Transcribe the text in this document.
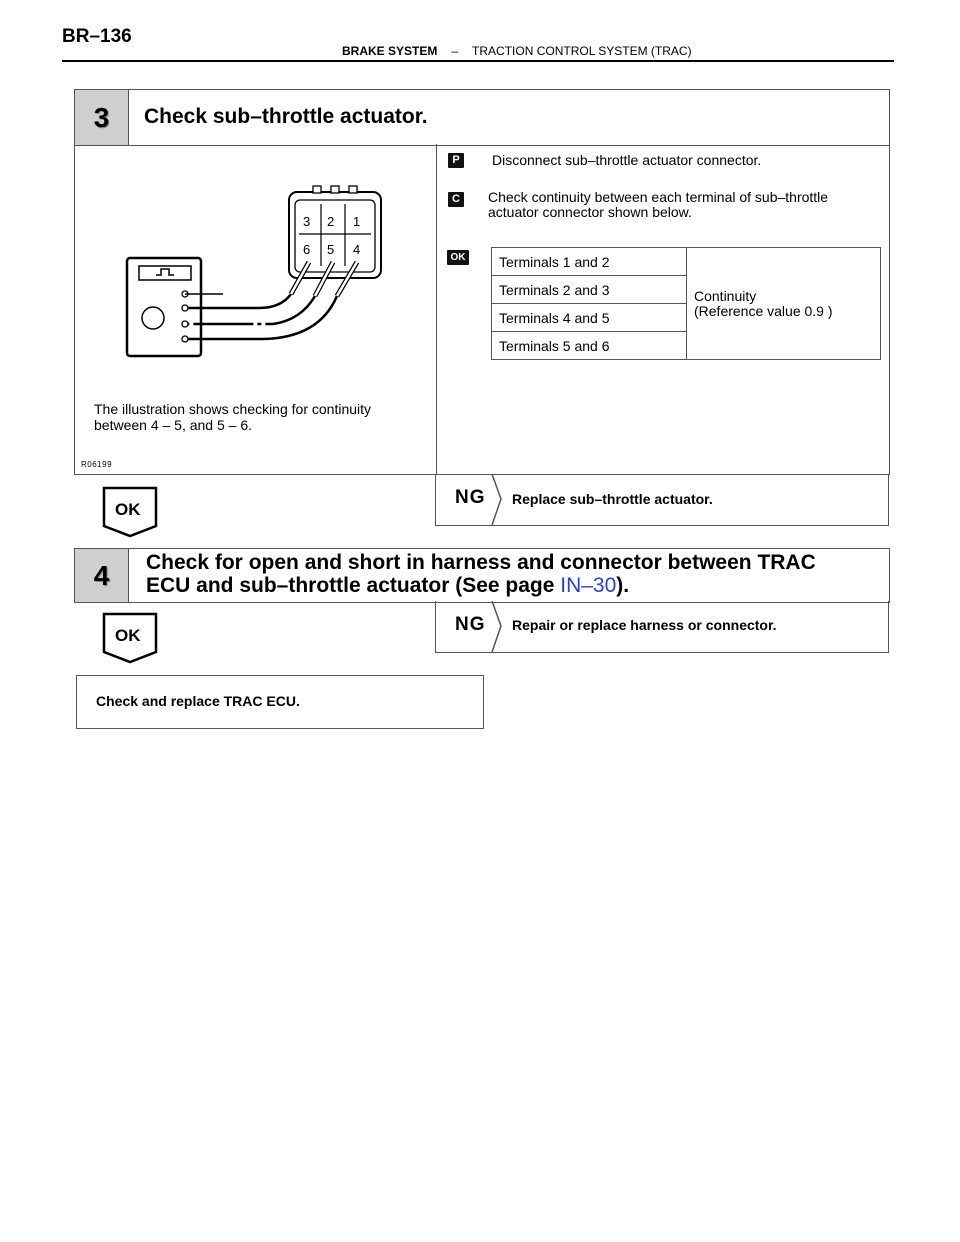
BR–136
BRAKE SYSTEM – TRACTION CONTROL SYSTEM (TRAC)
3 Check sub–throttle actuator.
3 2 1
6 5 4
The illustration shows checking for continuity
between 4 – 5, and 5 – 6.
R06199
P	Disconnect sub–throttle actuator connector.
C Check continuity between each terminal of sub–throttle
actuator connector shown below.
OK Terminals 1 and 2	
Continuity
(Reference value 0.9 )

Terminals 2 and 3
Terminals 4 and 5
Terminals 5 and 6
OK
NG Replace sub–throttle actuator.
4 Check for open and short in harness and connector between TRAC
ECU and sub–throttle actuator (See page IN–30).
OK
NG Repair or replace harness or connector.
Check and replace TRAC ECU.
